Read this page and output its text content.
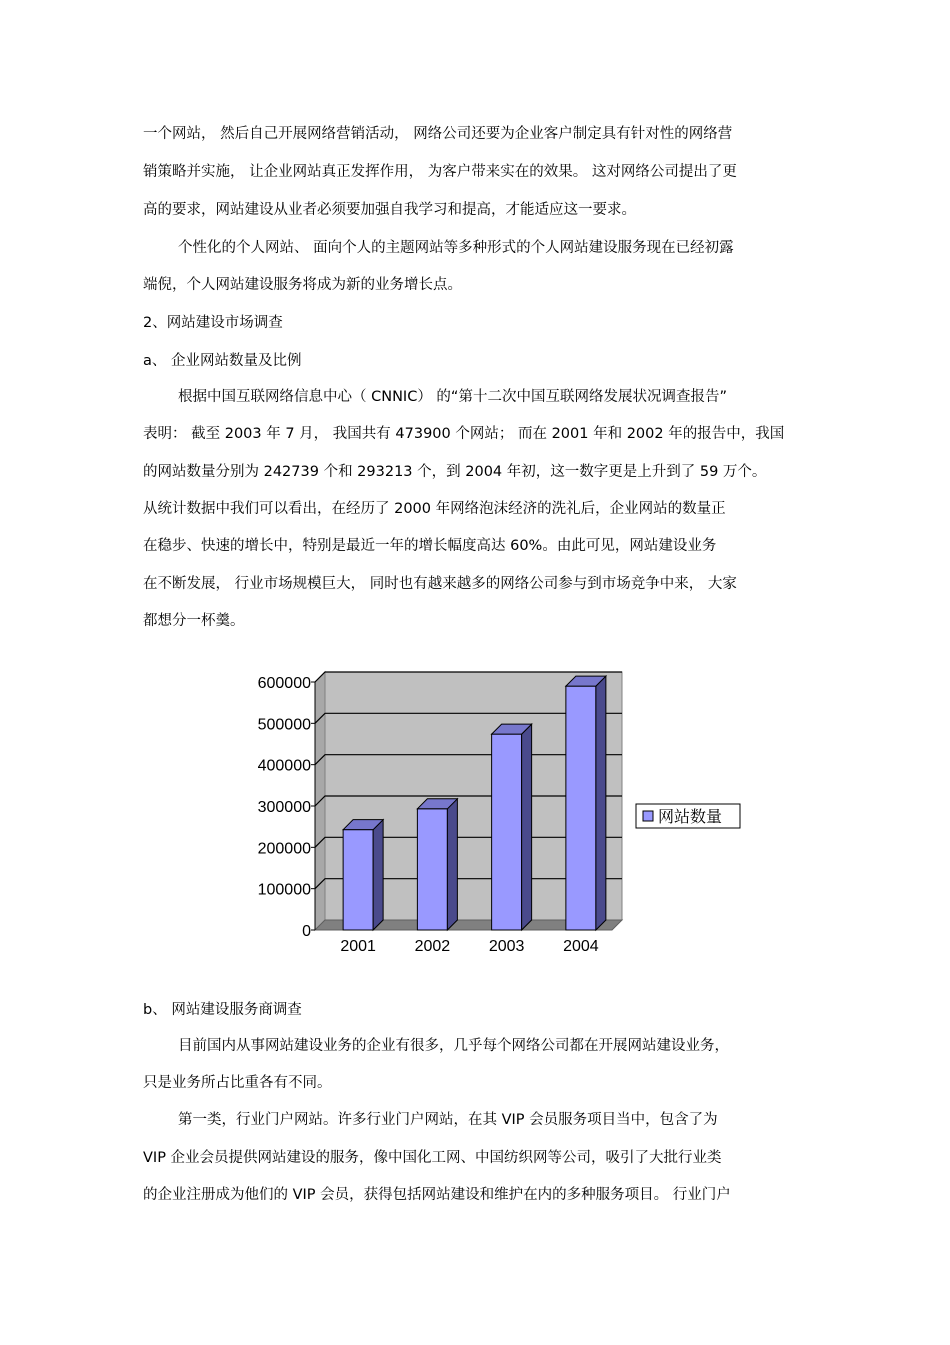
一个网站， 然后自己开展网络营销活动， 网络公司还要为企业客户制定具有针对性的网络营

销策略并实施， 让企业网站真正发挥作用， 为客户带来实在的效果。 这对网络公司提出了更

高的要求，网站建设从业者必须要加强自我学习和提高，才能适应这一要求。

个性化的个人网站、 面向个人的主题网站等多种形式的个人网站建设服务现在已经初露

端倪，个人网站建设服务将成为新的业务增长点。

2、网站建设市场调查

a、 企业网站数量及比例

根据中国互联网络信息中心（ CNNIC） 的“第十二次中国互联网络发展状况调查报告”

表明： 截至 2003 年 7 月， 我国共有 473900 个网站； 而在 2001 年和 2002 年的报告中，我国

的网站数量分别为 242739 个和 293213 个，到 2004 年初，这一数字更是上升到了 59 万个。

从统计数据中我们可以看出，在经历了 2000 年网络泡沫经济的洗礼后，企业网站的数量正

在稳步、快速的增长中，特别是最近一年的增长幅度高达 60%。由此可见，网站建设业务

在不断发展， 行业市场规模巨大， 同时也有越来越多的网络公司参与到市场竞争中来， 大家

都想分一杯羹。

0
100000
200000
300000
400000
500000
600000
2001 2002 2003 2004
网站数量

b、 网站建设服务商调查

目前国内从事网站建设业务的企业有很多，几乎每个网络公司都在开展网站建设业务，

只是业务所占比重各有不同。

第一类，行业门户网站。许多行业门户网站，在其 VIP 会员服务项目当中，包含了为

VIP 企业会员提供网站建设的服务，像中国化工网、中国纺织网等公司，吸引了大批行业类

的企业注册成为他们的 VIP 会员，获得包括网站建设和维护在内的多种服务项目。 行业门户
